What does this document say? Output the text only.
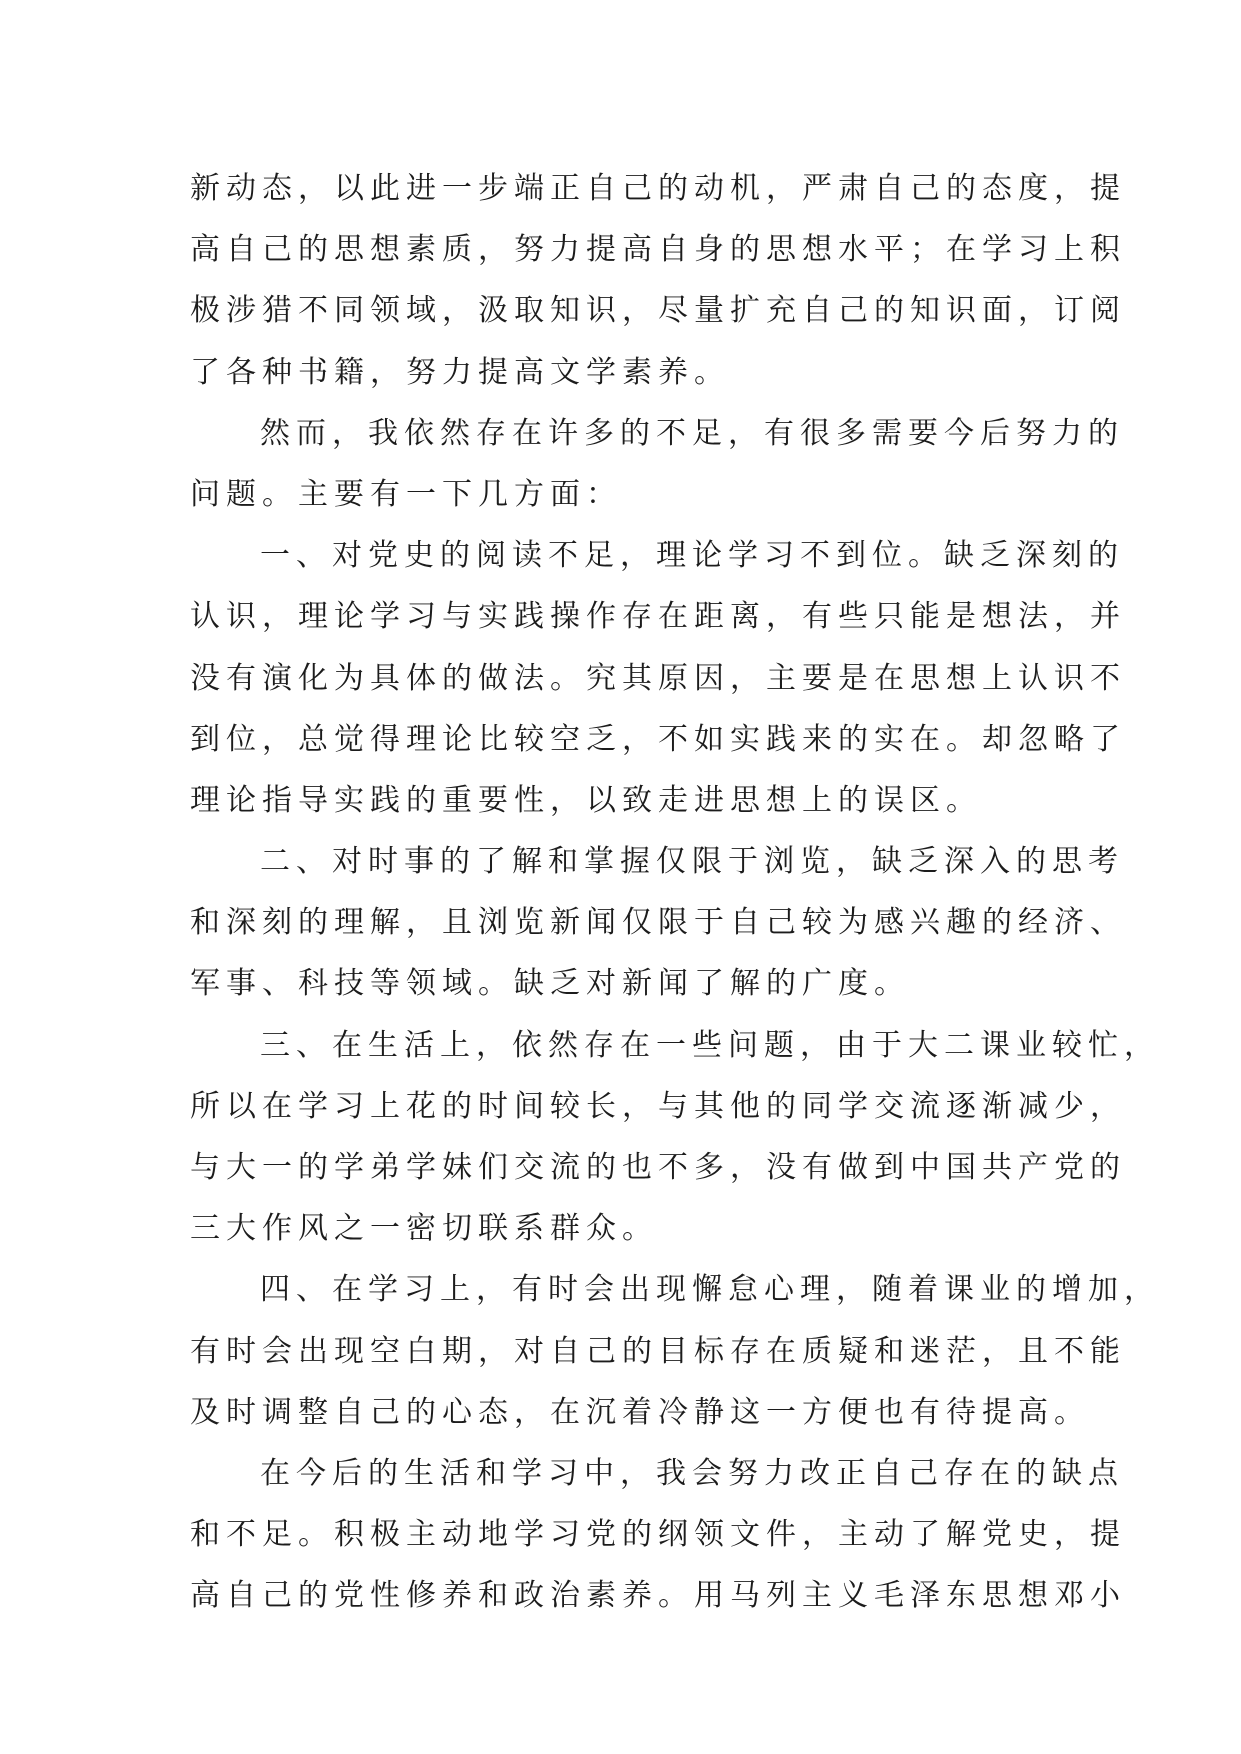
新动态，以此进一步端正自己的动机，严肃自己的态度，提
高自己的思想素质，努力提高自身的思想水平；在学习上积
极涉猎不同领域，汲取知识，尽量扩充自己的知识面，订阅
了各种书籍，努力提高文学素养。
然而，我依然存在许多的不足，有很多需要今后努力的
问题。主要有一下几方面：
一、对党史的阅读不足，理论学习不到位。缺乏深刻的
认识，理论学习与实践操作存在距离，有些只能是想法，并
没有演化为具体的做法。究其原因，主要是在思想上认识不
到位，总觉得理论比较空乏，不如实践来的实在。却忽略了
理论指导实践的重要性，以致走进思想上的误区。
二、对时事的了解和掌握仅限于浏览，缺乏深入的思考
和深刻的理解，且浏览新闻仅限于自己较为感兴趣的经济、
军事、科技等领域。缺乏对新闻了解的广度。
三、在生活上，依然存在一些问题，由于大二课业较忙，
所以在学习上花的时间较长，与其他的同学交流逐渐减少，
与大一的学弟学妹们交流的也不多，没有做到中国共产党的
三大作风之一密切联系群众。
四、在学习上，有时会出现懈怠心理，随着课业的增加，
有时会出现空白期，对自己的目标存在质疑和迷茫，且不能
及时调整自己的心态，在沉着冷静这一方便也有待提高。
在今后的生活和学习中，我会努力改正自己存在的缺点
和不足。积极主动地学习党的纲领文件，主动了解党史，提
高自己的党性修养和政治素养。用马列主义毛泽东思想邓小
